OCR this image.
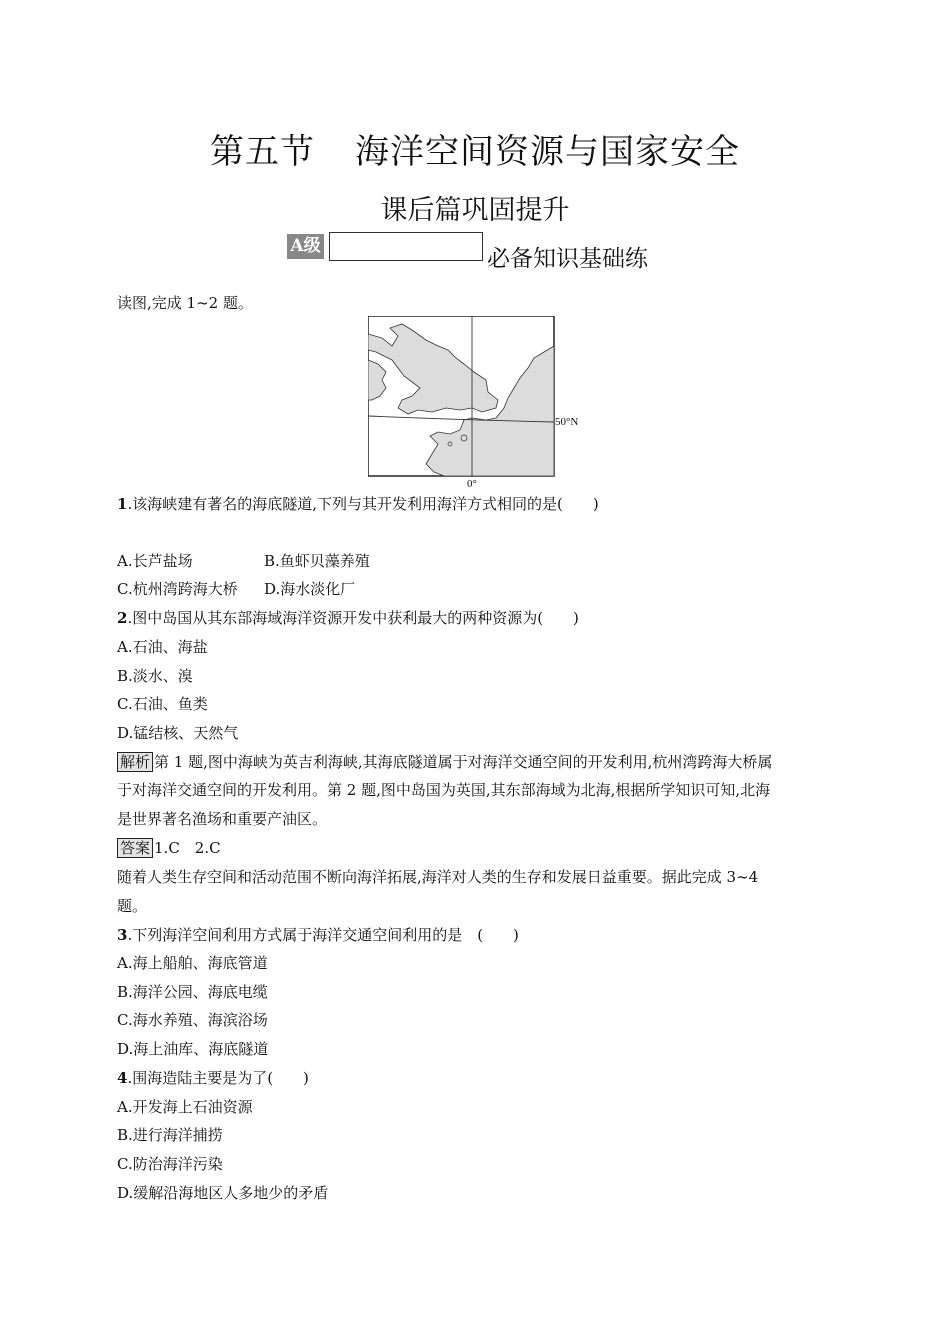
第五节 海洋空间资源与国家安全
课后篇巩固提升
A级	必备知识基础练
读图,完成 1~2 题。
50°N
0°
1.该海峡建有著名的海底隧道,下列与其开发利用海洋方式相同的是(　　)
A.长芦盐场	B.鱼虾贝藻养殖
C.杭州湾跨海大桥 D.海水淡化厂
2.图中岛国从其东部海域海洋资源开发中获利最大的两种资源为(　　)
A.石油、海盐
B.淡水、溴
C.石油、鱼类
D.锰结核、天然气
解析 第 1 题,图中海峡为英吉利海峡,其海底隧道属于对海洋交通空间的开发利用,杭州湾跨海大桥属
于对海洋交通空间的开发利用。第 2 题,图中岛国为英国,其东部海域为北海,根据所学知识可知,北海
是世界著名渔场和重要产油区。
答案 1.C　2.C
随着人类生存空间和活动范围不断向海洋拓展,海洋对人类的生存和发展日益重要。据此完成 3~4
题。
3.下列海洋空间利用方式属于海洋交通空间利用的是　(　　)
A.海上船舶、海底管道
B.海洋公园、海底电缆
C.海水养殖、海滨浴场
D.海上油库、海底隧道
4.围海造陆主要是为了(　　)
A.开发海上石油资源
B.进行海洋捕捞
C.防治海洋污染
D.缓解沿海地区人多地少的矛盾
